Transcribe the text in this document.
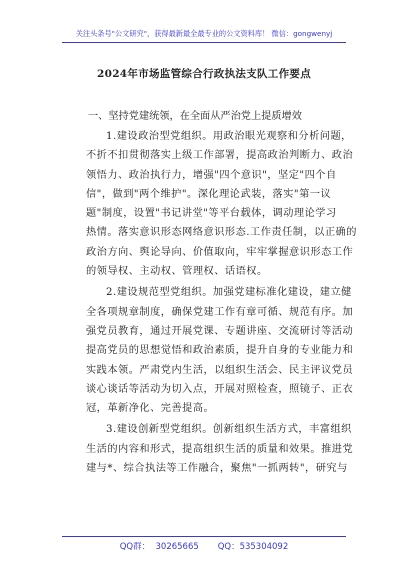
关注头条号"公文研究"，获得最新最全最专业的公文资料库！ 微信：gongwenyj
2024年市场监管综合行政执法支队工作要点
一、坚持党建统领，在全面从严治党上提质增效
1.建设政治型党组织。用政治眼光观察和分析问题，
不折不扣贯彻落实上级工作部署，提高政治判断力、政治
领悟力、政治执行力，增强"四个意识"，坚定"四个自
信"，做到"两个维护"。深化理论武装，落实"第一议
题"制度，设置"书记讲堂"等平台载体，调动理论学习
热情。落实意识形态网络意识形态.工作责任制，以正确的
政治方向、舆论导向、价值取向，牢牢掌握意识形态工作
的领导权、主动权、管理权、话语权。
2.建设规范型党组织。加强党建标准化建设，建立健
全各项规章制度，确保党建工作有章可循、规范有序。加
强党员教育，通过开展党课、专题讲座、交流研讨等活动
提高党员的思想觉悟和政治素质，提升自身的专业能力和
实践本领。严肃党内生活，以组织生活会、民主评议党员
谈心谈话等活动为切入点，开展对照检查，照镜子、正衣
冠，革新净化、完善提高。
3.建设创新型党组织。创新组织生活方式，丰富组织
生活的内容和形式，提高组织生活的质量和效果。推进党
建与*、综合执法等工作融合，聚焦"一抓两转"，研究与
QQ群：  30265665       QQ：535304092
